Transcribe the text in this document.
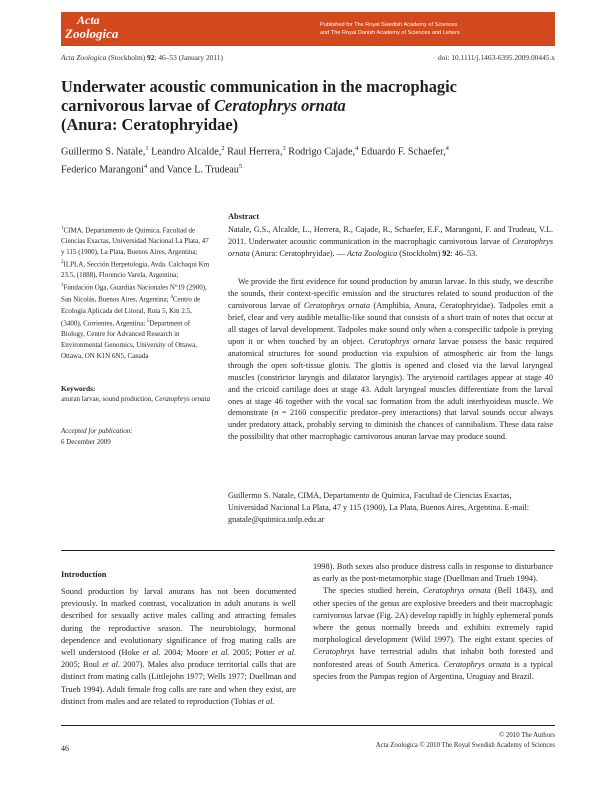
Acta
Zoologica
Published for The Royal Swedish Academy of Sciences
and The Royal Danish Academy of Sciences and Letters
Acta Zoologica (Stockholm) 92: 46–53 (January 2011)	doi: 10.1111/j.1463-6395.2009.00445.x
Underwater acoustic communication in the macrophagic
carnivorous larvae of Ceratophrys ornata
(Anura: Ceratophryidae)

Guillermo S. Natale,$^1$ Leandro Alcalde,$^2$ Raul Herrera,$^3$ Rodrigo Cajade,$^4$ Eduardo F. Schaefer,$^4$
Federico Marangoni$^4$ and Vance L. Trudeau$^5$

$^1$CIMA, Departamento de Quimica, Facultad de Ciencias Exactas, Universidad Nacional La Plata, 47 y 115 (1900), La Plata, Buenos Aires, Argentina; $^2$ILPLA, Sección Herpetologia, Avda. Calchaqui Km 23.5, (1888), Florencio Varela, Argentina; $^3$Fundación Oga, Guardias Nacionales N°19 (2900), San Nicolás, Buenos Aires, Argentina; $^4$Centro de Ecologia Aplicada del Litoral, Ruta 5, Km 2.5, (3400), Corrientes, Argentina; $^5$Department of Biology, Centre for Advanced Research in Environmental Genomics, University of Ottawa, Ottawa, ON K1N 6N5, Canada

Keywords:
anuran larvae, sound production, Ceratophrys ornata
Accepted for publication:
6 December 2009
Abstract

Natale, G.S., Alcalde, L., Herrera, R., Cajade, R., Schaefer, E.F., Marangoni, F. and Trudeau, V.L. 2011. Underwater acoustic communication in the macrophagic carnivorous larvae of Ceratophrys ornata (Anura: Ceratophryidae). — Acta Zoologica (Stockholm) 92: 46–53.

We provide the first evidence for sound production by anuran larvae. In this study, we describe the sounds, their context-specific emission and the structures related to sound production of the carnivorous larvae of Ceratophrys ornata (Amphibia, Anura, Ceratophryidae). Tadpoles emit a brief, clear and very audible metallic-like sound that consists of a short train of notes that occur at all stages of larval development. Tadpoles make sound only when a conspecific tadpole is preying upon it or when touched by an object. Ceratophrys ornata larvae possess the basic required anatomical structures for sound production via expulsion of atmospheric air from the lungs through the open soft-tissue glottis. The glottis is opened and closed via the larval laryngeal muscles (constrictor laryngis and dilatator laryngis). The arytenoid cartilages appear at stage 40 and the cricoid cartilage does at stage 43. Adult laryngeal muscles differentiate from the larval ones at stage 46 together with the vocal sac formation from the adult interhyoideus muscle. We demonstrate (n = 2160 conspecific predator–prey interactions) that larval sounds occur always under predatory attack, probably serving to diminish the chances of cannibalism. These data raise the possibility that other macrophagic carnivorous anuran larvae may produce sound.

Guillermo S. Natale, CIMA, Departamento de Quimica, Facultad de Ciencias Exactas, Universidad Nacional La Plata, 47 y 115 (1900), La Plata, Buenos Aires, Argentina. E-mail: gnatale@quimica.unlp.edu.ar

Introduction

Sound production by larval anurans has not been documented previously. In marked contrast, vocalization in adult anurans is well described for sexually active males calling and attracting females during the reproductive season. The neurobiology, hormonal dependence and evolutionary significance of frog mating calls are well understood (Hoke et al. 2004; Moore et al. 2005; Potter et al. 2005; Boul et al. 2007). Males also produce territorial calls that are distinct from mating calls (Littlejohn 1977; Wells 1977; Duellman and Trueb 1994). Adult female frog calls are rare and when they exist, are distinct from males and are related to reproduction (Tobias et al.

1998). Both sexes also produce distress calls in response to disturbance as early as the post-metamorphic stage (Duellman and Trueb 1994).

The species studied herein, Ceratophrys ornata (Bell 1843), and other species of the genus are explosive breeders and their macrophagic carnivorous larvae (Fig. 2A) develop rapidly in highly ephemeral ponds where the genus normally breeds and exhibits extremely rapid morphological development (Wild 1997). The eight extant species of Ceratophrys have terrestrial adults that inhabit both forested and nonforested areas of South America. Ceratophrys ornata is a typical species from the Pampas region of Argentina, Uruguay and Brazil.

46
© 2010 The Authors
Acta Zoologica © 2010 The Royal Swedish Academy of Sciences
